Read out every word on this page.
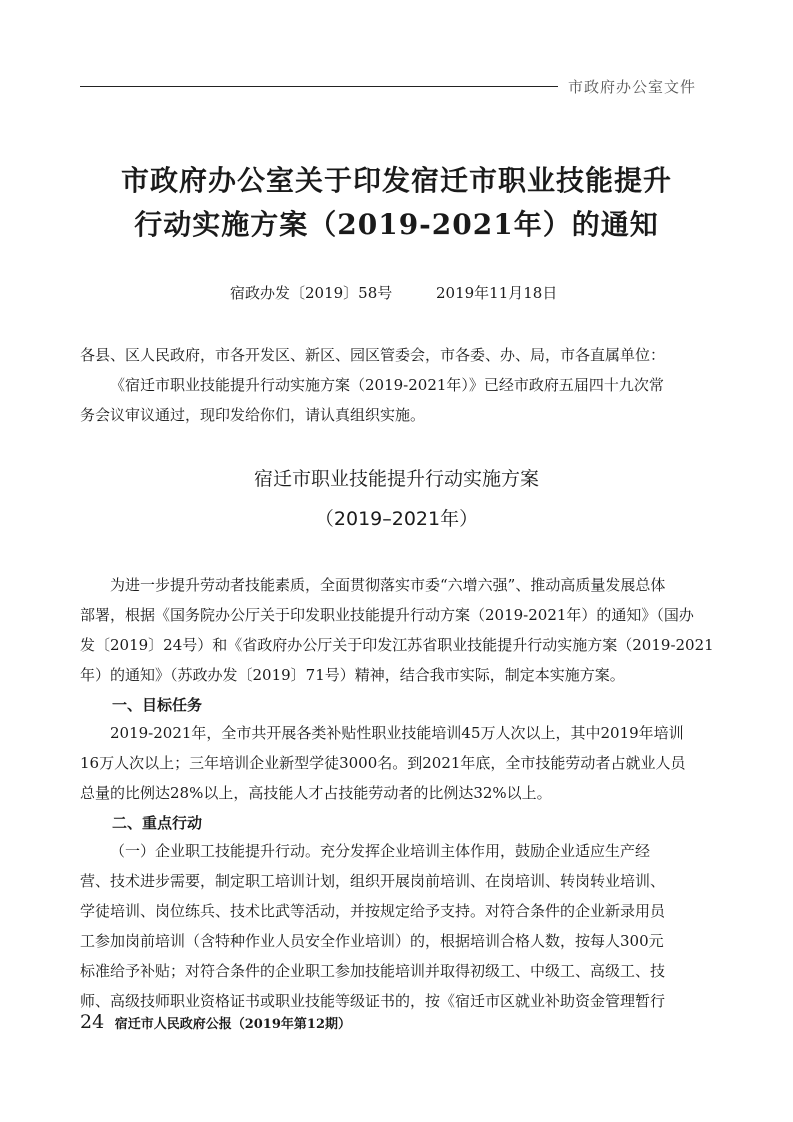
市政府办公室文件
市政府办公室关于印发宿迁市职业技能提升
行动实施方案（2019-2021年）的通知
宿政办发〔2019〕58号	2019年11月18日
各县、区人民政府，市各开发区、新区、园区管委会，市各委、办、局，市各直属单位：
《宿迁市职业技能提升行动实施方案（2019-2021年）》已经市政府五届四十九次常
务会议审议通过，现印发给你们，请认真组织实施。
宿迁市职业技能提升行动实施方案
（2019–2021年）
为进一步提升劳动者技能素质，全面贯彻落实市委“六增六强”、推动高质量发展总体
部署，根据《国务院办公厅关于印发职业技能提升行动方案（2019-2021年）的通知》（国办
发〔2019〕24号）和《省政府办公厅关于印发江苏省职业技能提升行动实施方案（2019-2021
年）的通知》（苏政办发〔2019〕71号）精神，结合我市实际，制定本实施方案。
一、目标任务
2019-2021年，全市共开展各类补贴性职业技能培训45万人次以上，其中2019年培训
16万人次以上；三年培训企业新型学徒3000名。到2021年底，全市技能劳动者占就业人员
总量的比例达28%以上，高技能人才占技能劳动者的比例达32%以上。
二、重点行动
（一）企业职工技能提升行动。充分发挥企业培训主体作用，鼓励企业适应生产经
营、技术进步需要，制定职工培训计划，组织开展岗前培训、在岗培训、转岗转业培训、
学徒培训、岗位练兵、技术比武等活动，并按规定给予支持。对符合条件的企业新录用员
工参加岗前培训（含特种作业人员安全作业培训）的，根据培训合格人数，按每人300元
标准给予补贴；对符合条件的企业职工参加技能培训并取得初级工、中级工、高级工、技
师、高级技师职业资格证书或职业技能等级证书的，按《宿迁市区就业补助资金管理暂行
24 宿迁市人民政府公报（2019年第12期）
